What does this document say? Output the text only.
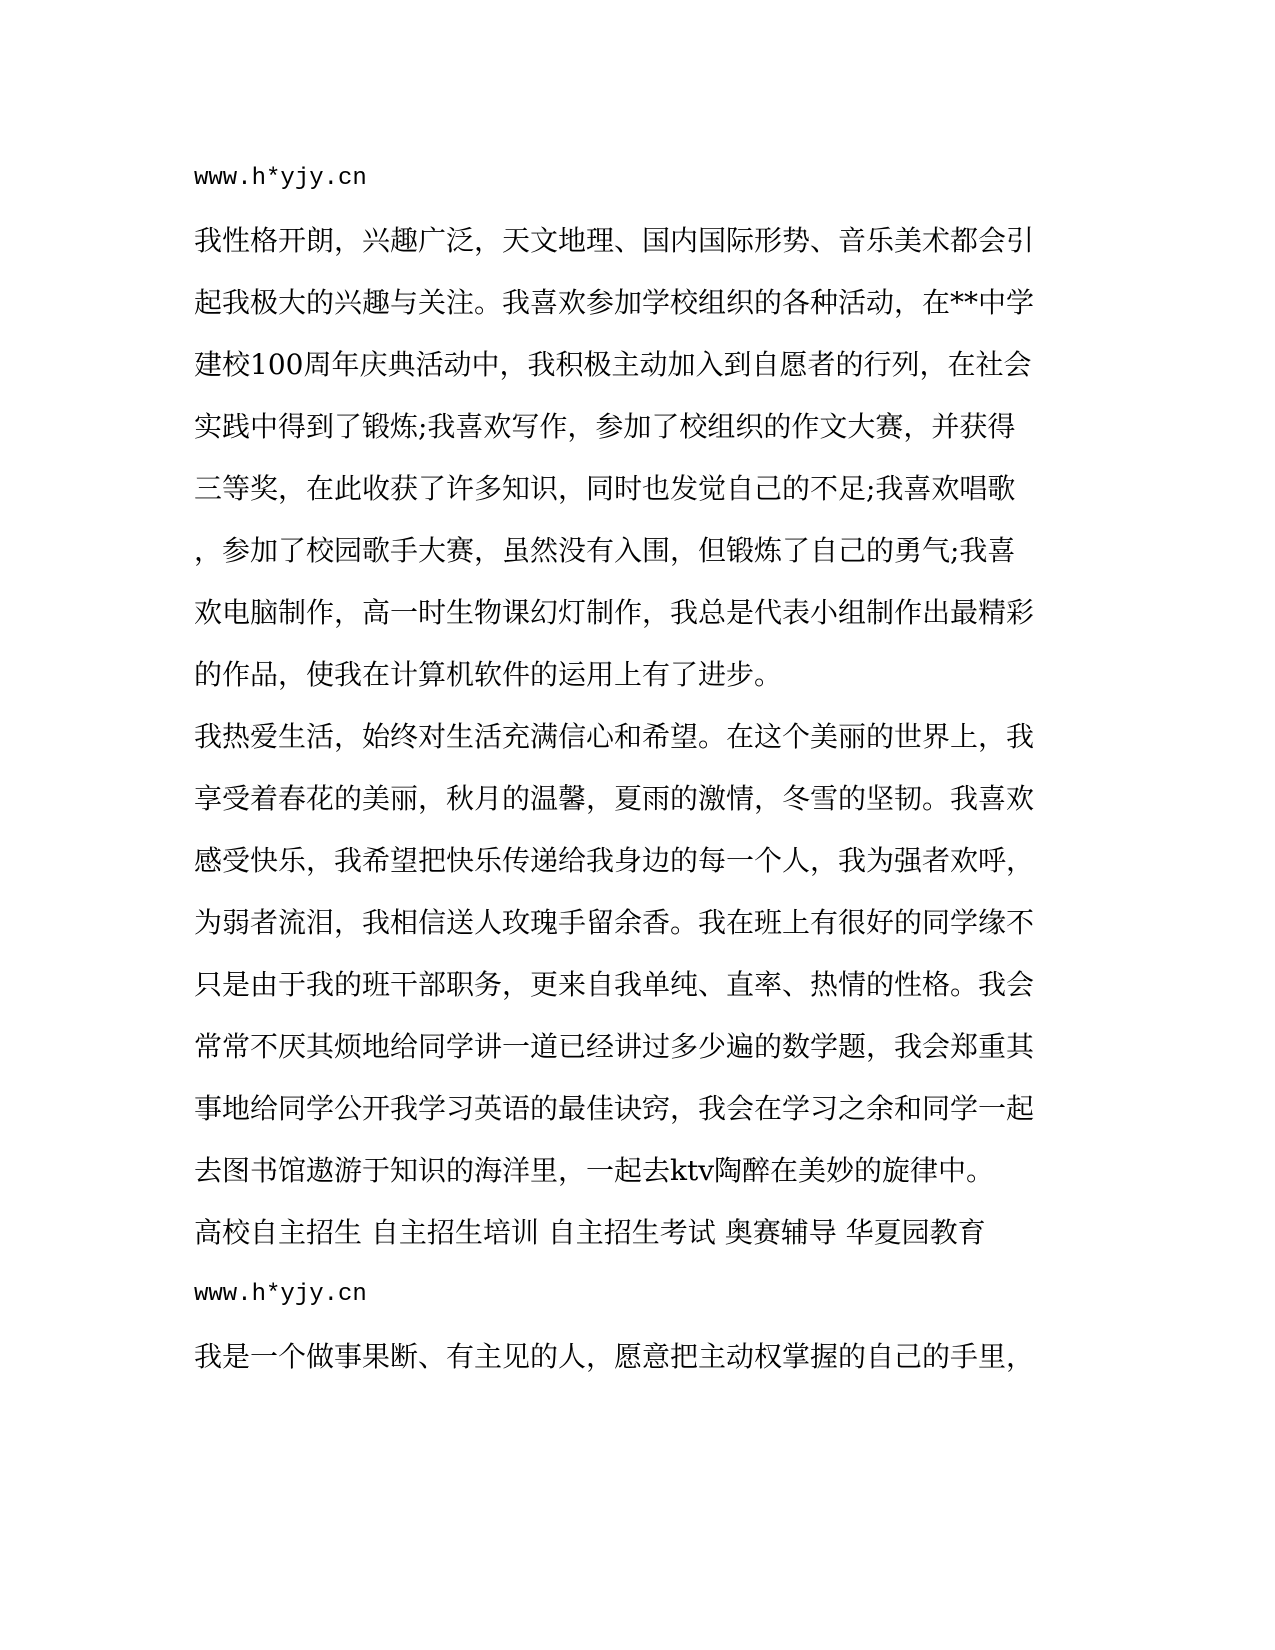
www.h*yjy.cn
我性格开朗，兴趣广泛，天文地理、国内国际形势、音乐美术都会引
起我极大的兴趣与关注。我喜欢参加学校组织的各种活动，在**中学
建校100周年庆典活动中，我积极主动加入到自愿者的行列，在社会
实践中得到了锻炼;我喜欢写作，参加了校组织的作文大赛，并获得
三等奖，在此收获了许多知识，同时也发觉自己的不足;我喜欢唱歌
，参加了校园歌手大赛，虽然没有入围，但锻炼了自己的勇气;我喜
欢电脑制作，高一时生物课幻灯制作，我总是代表小组制作出最精彩
的作品，使我在计算机软件的运用上有了进步。
我热爱生活，始终对生活充满信心和希望。在这个美丽的世界上，我
享受着春花的美丽，秋月的温馨，夏雨的激情，冬雪的坚韧。我喜欢
感受快乐，我希望把快乐传递给我身边的每一个人，我为强者欢呼，
为弱者流泪，我相信送人玫瑰手留余香。我在班上有很好的同学缘不
只是由于我的班干部职务，更来自我单纯、直率、热情的性格。我会
常常不厌其烦地给同学讲一道已经讲过多少遍的数学题，我会郑重其
事地给同学公开我学习英语的最佳诀窍，我会在学习之余和同学一起
去图书馆遨游于知识的海洋里，一起去ktv陶醉在美妙的旋律中。
高校自主招生 自主招生培训 自主招生考试 奥赛辅导 华夏园教育
www.h*yjy.cn
我是一个做事果断、有主见的人，愿意把主动权掌握的自己的手里，
